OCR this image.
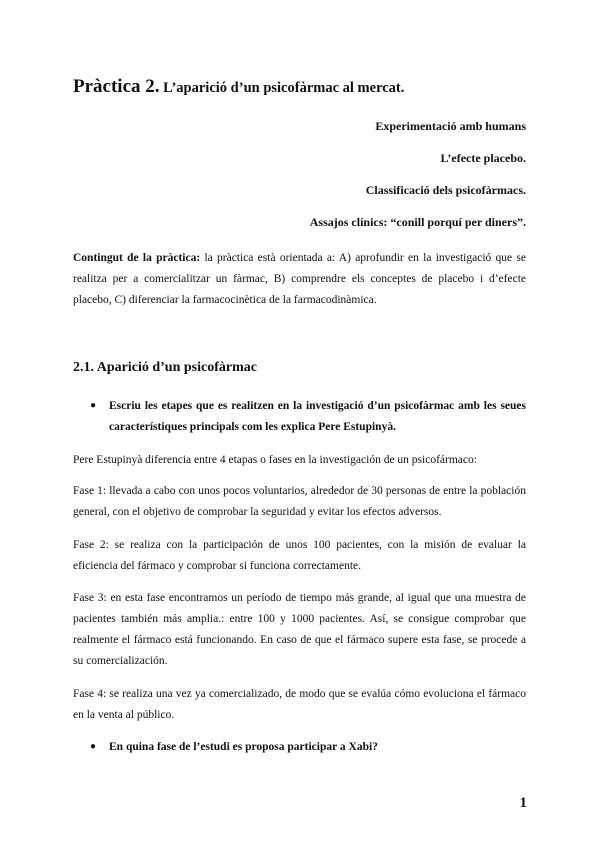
Pràctica 2. L’aparició d’un psicofàrmac al mercat.
Experimentació amb humans
L’efecte placebo.
Classificació dels psicofàrmacs.
Assajos clínics: “conill porquí per diners”.

Contingut de la pràctica: la pràctica està orientada a: A) aprofundir en la investigació que se realitza per a comercialitzar un fàrmac, B) comprendre els conceptes de placebo i d’efecte placebo, C) diferenciar la farmacocinètica de la farmacodinàmica.

2.1. Aparició d’un psicofàrmac
● Escriu les etapes que es realitzen en la investigació d’un psicofàrmac amb les seues característiques principals com les explica Pere Estupinyà.

Pere Estupinyà diferencia entre 4 etapas o fases en la investigación de un psicofármaco:

Fase 1: llevada a cabo con unos pocos voluntarios, alrededor de 30 personas de entre la población general, con el objetivo de comprobar la seguridad y evitar los efectos adversos.

Fase 2: se realiza con la participación de unos 100 pacientes, con la misión de evaluar la eficiencia del fármaco y comprobar si funciona correctamente.

Fase 3: en esta fase encontramos un período de tiempo más grande, al igual que una muestra de pacientes también más amplia.: entre 100 y 1000 pacientes. Así, se consigue comprobar que realmente el fármaco está funcionando. En caso de que el fármaco supere esta fase, se procede a su comercialización.

Fase 4: se realiza una vez ya comercializado, de modo que se evalúa cómo evoluciona el fármaco en la venta al público.

● En quina fase de l’estudi es proposa participar a Xabi?
1
